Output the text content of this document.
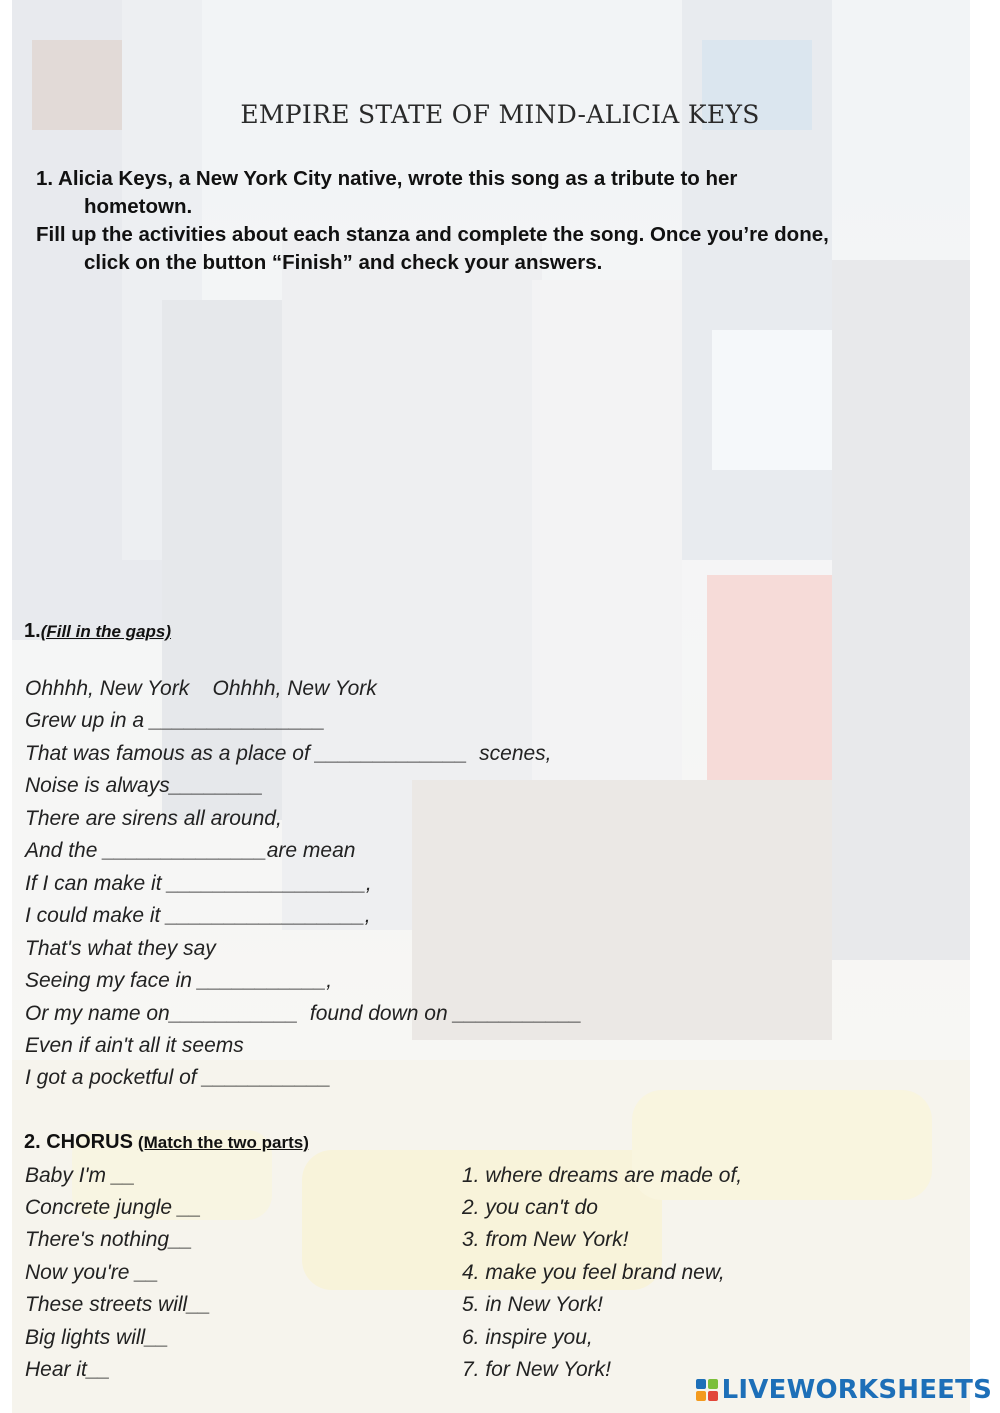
EMPIRE STATE OF MIND-ALICIA KEYS
1. Alicia Keys, a New York City native, wrote this song as a tribute to her
hometown.
Fill up the activities about each stanza and complete the song. Once you’re done,
click on the button “Finish” and check your answers.
1.(Fill in the gaps)
Ohhhh, New York    Ohhhh, New York
Grew up in a _______________
That was famous as a place of _____________  scenes,
Noise is always________
There are sirens all around,
And the ______________are mean
If I can make it _________________,
I could make it _________________,
That's what they say
Seeing my face in ___________,
Or my name on___________  found down on ___________
Even if ain't all it seems
I got a pocketful of ___________
2. CHORUS (Match the two parts)
Baby I'm __
Concrete jungle __
There's nothing__
Now you're __
These streets will__
Big lights will__
Hear it__
1. where dreams are made of,
2. you can't do
3. from New York!
4. make you feel brand new,
5. in New York!
6. inspire you,
7. for New York!
LIVEWORKSHEETS
